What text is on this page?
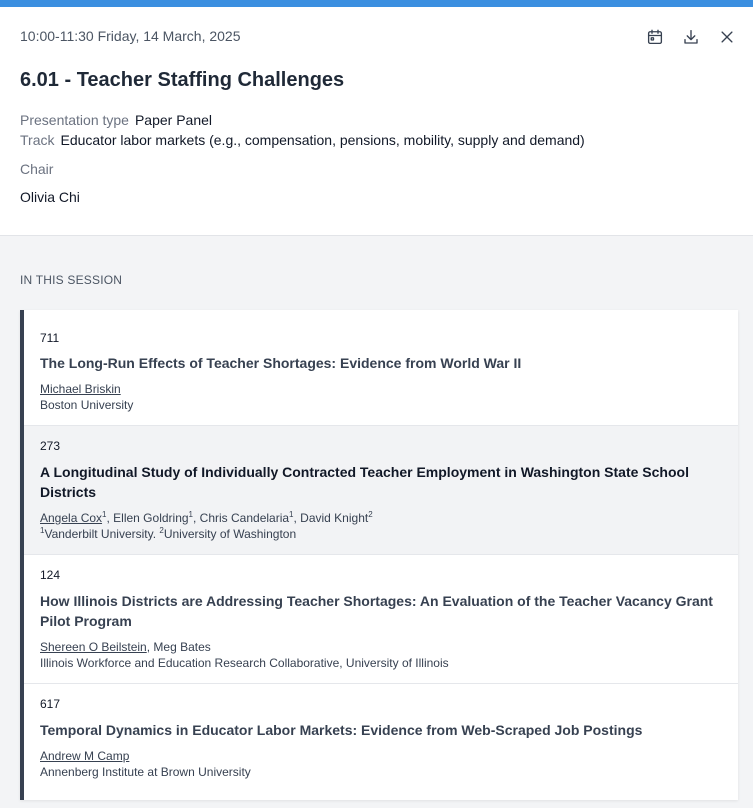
10:00-11:30 Friday, 14 March, 2025
6.01 - Teacher Staffing Challenges
Presentation type Paper Panel
Track Educator labor markets (e.g., compensation, pensions, mobility, supply and demand)
Chair
Olivia Chi
IN THIS SESSION
711
The Long-Run Effects of Teacher Shortages: Evidence from World War II
Michael Briskin
Boston University
273
A Longitudinal Study of Individually Contracted Teacher Employment in Washington State School Districts
Angela Cox$^1$, Ellen Goldring$^1$, Chris Candelaria$^1$, David Knight$^2$
$^1$Vanderbilt University. $^2$University of Washington
124
How Illinois Districts are Addressing Teacher Shortages: An Evaluation of the Teacher Vacancy Grant Pilot Program
Shereen O Beilstein, Meg Bates
Illinois Workforce and Education Research Collaborative, University of Illinois
617
Temporal Dynamics in Educator Labor Markets: Evidence from Web-Scraped Job Postings
Andrew M Camp
Annenberg Institute at Brown University
